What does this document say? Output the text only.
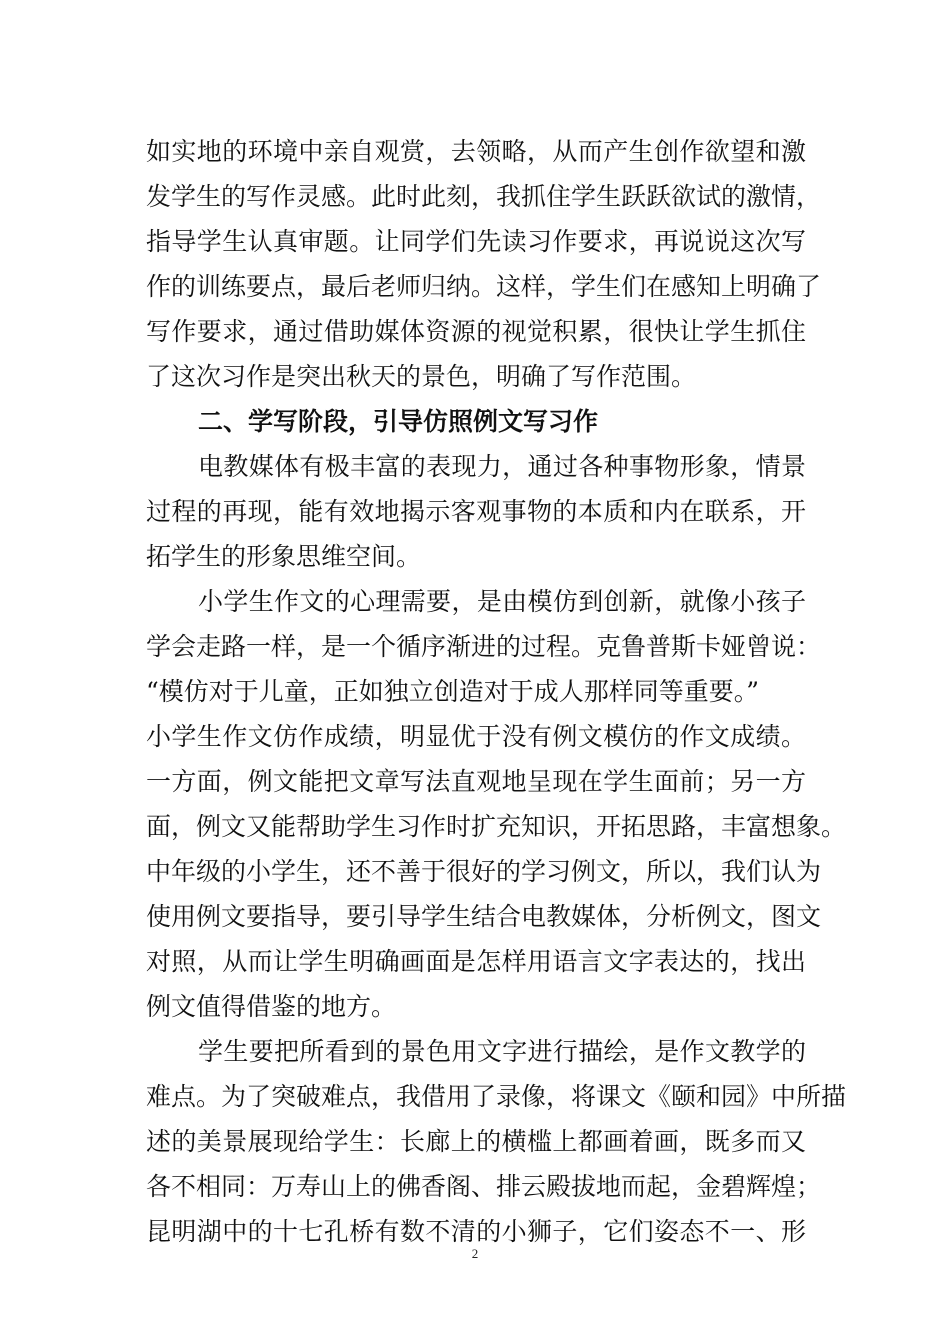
如实地的环境中亲自观赏，去领略，从而产生创作欲望和激
发学生的写作灵感。此时此刻，我抓住学生跃跃欲试的激情，
指导学生认真审题。让同学们先读习作要求，再说说这次写
作的训练要点，最后老师归纳。这样，学生们在感知上明确了
写作要求，通过借助媒体资源的视觉积累，很快让学生抓住
了这次习作是突出秋天的景色，明确了写作范围。
二、学写阶段，引导仿照例文写习作
电教媒体有极丰富的表现力，通过各种事物形象，情景
过程的再现，能有效地揭示客观事物的本质和内在联系，开
拓学生的形象思维空间。
小学生作文的心理需要，是由模仿到创新，就像小孩子
学会走路一样，是一个循序渐进的过程。克鲁普斯卡娅曾说：
“模仿对于儿童，正如独立创造对于成人那样同等重要。”
小学生作文仿作成绩，明显优于没有例文模仿的作文成绩。
一方面，例文能把文章写法直观地呈现在学生面前；另一方
面，例文又能帮助学生习作时扩充知识，开拓思路，丰富想象。
中年级的小学生，还不善于很好的学习例文，所以，我们认为
使用例文要指导，要引导学生结合电教媒体，分析例文，图文
对照，从而让学生明确画面是怎样用语言文字表达的，找出
例文值得借鉴的地方。
学生要把所看到的景色用文字进行描绘，是作文教学的
难点。为了突破难点，我借用了录像，将课文《颐和园》中所描
述的美景展现给学生：长廊上的横槛上都画着画，既多而又
各不相同：万寿山上的佛香阁、排云殿拔地而起，金碧辉煌；
昆明湖中的十七孔桥有数不清的小狮子，它们姿态不一、形
2
